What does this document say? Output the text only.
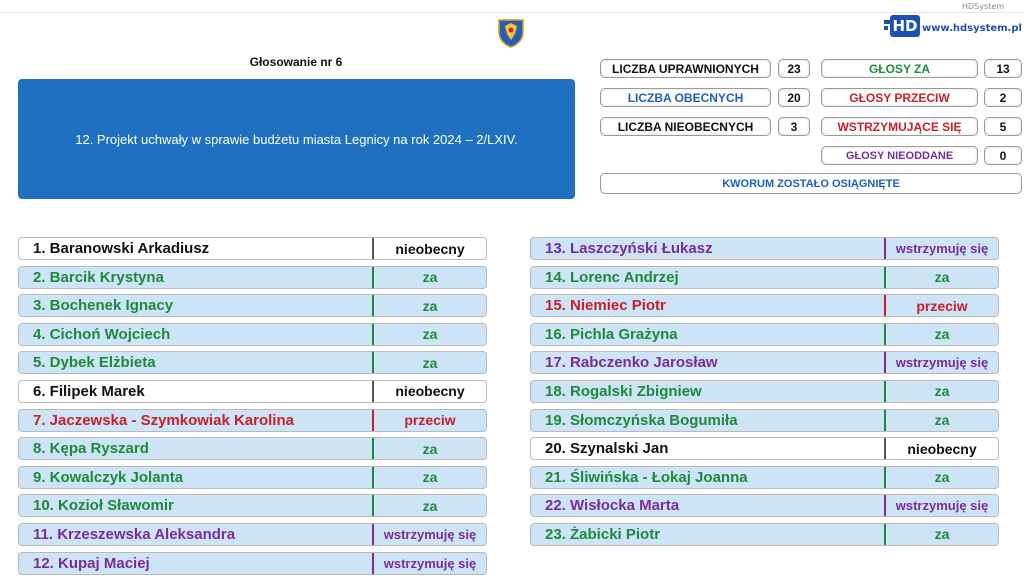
HDSystem
HD www.hdsystem.pl
Głosowanie nr 6
12. Projekt uchwały w sprawie budżetu miasta Legnicy na rok 2024 – 2/LXIV.
LICZBA UPRAWNIONYCH	23
LICZBA OBECNYCH	20
LICZBA NIEOBECNYCH	3
GŁOSY ZA	13
GŁOSY PRZECIW	2
WSTRZYMUJĄCE SIĘ	5
GŁOSY NIEODDANE	0
KWORUM ZOSTAŁO OSIĄGNIĘTE
1. Baranowski Arkadiusz	nieobecny
2. Barcik Krystyna	za
3. Bochenek Ignacy	za
4. Cichoń Wojciech	za
5. Dybek Elżbieta	za
6. Filipek Marek	nieobecny
7. Jaczewska - Szymkowiak Karolina	przeciw
8. Kępa Ryszard	za
9. Kowalczyk Jolanta	za
10. Kozioł Sławomir	za
11. Krzeszewska Aleksandra	wstrzymuję się
12. Kupaj Maciej	wstrzymuję się
13. Laszczyński Łukasz	wstrzymuję się
14. Lorenc Andrzej	za
15. Niemiec Piotr	przeciw
16. Pichla Grażyna	za
17. Rabczenko Jarosław	wstrzymuję się
18. Rogalski Zbigniew	za
19. Słomczyńska Bogumiła	za
20. Szynalski Jan	nieobecny
21. Śliwińska - Łokaj Joanna	za
22. Wisłocka Marta	wstrzymuję się
23. Żabicki Piotr	za
